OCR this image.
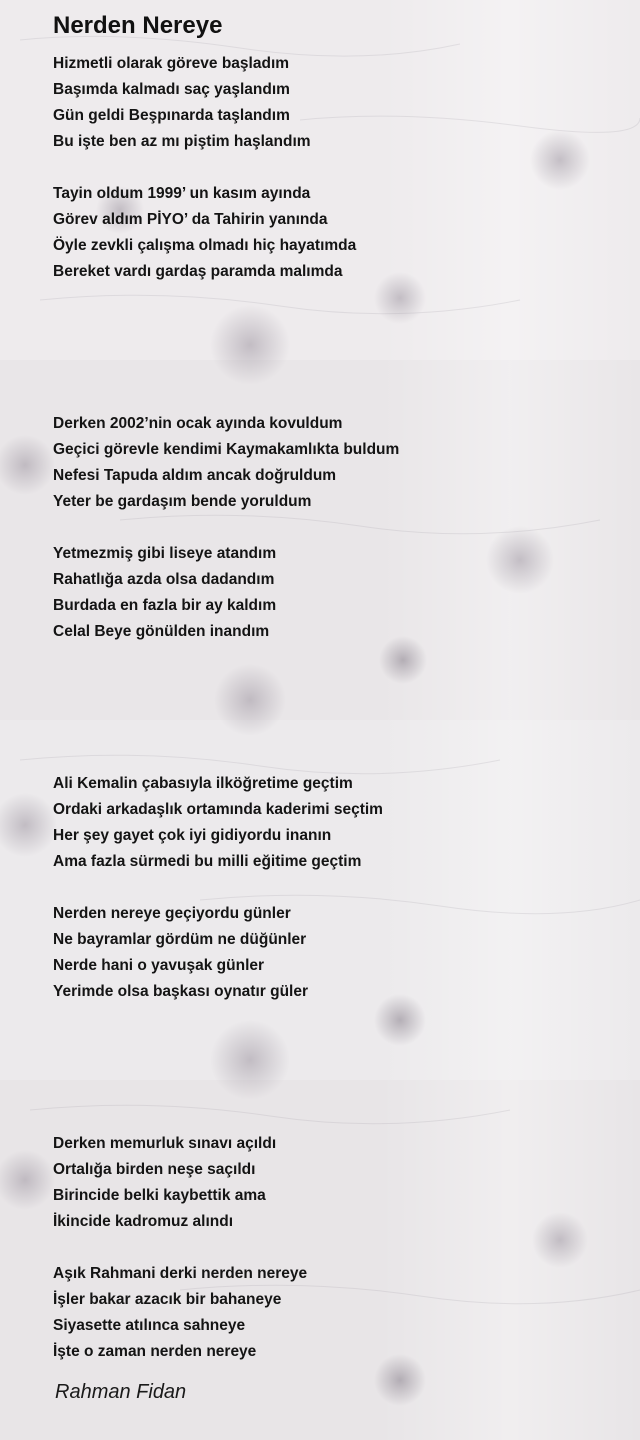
Nerden Nereye
Hizmetli olarak göreve başladım
Başımda kalmadı saç yaşlandım
Gün geldi Beşpınarda taşlandım
Bu işte ben az mı piştim haşlandım
Tayin oldum 1999’ un kasım ayında
Görev aldım PİYO’ da Tahirin yanında
Öyle zevkli çalışma olmadı hiç hayatımda
Bereket vardı gardaş paramda malımda
Derken 2002’nin ocak ayında kovuldum
Geçici görevle kendimi Kaymakamlıkta buldum
Nefesi Tapuda aldım ancak doğruldum
Yeter be gardaşım bende yoruldum
Yetmezmiş gibi liseye atandım
Rahatlığa azda olsa dadandım
Burdada en fazla bir ay kaldım
Celal Beye gönülden inandım
Ali Kemalin çabasıyla ilköğretime geçtim
Ordaki arkadaşlık ortamında kaderimi seçtim
Her şey gayet çok iyi gidiyordu inanın
Ama fazla sürmedi bu milli eğitime geçtim
Nerden nereye geçiyordu günler
Ne bayramlar gördüm ne düğünler
Nerde hani o yavuşak günler
Yerimde olsa başkası oynatır güler
Derken memurluk sınavı açıldı
Ortalığa birden neşe saçıldı
Birincide belki kaybettik ama
İkincide kadromuz alındı
Aşık Rahmani derki nerden nereye
İşler bakar azacık bir bahaneye
Siyasette atılınca sahneye
İşte o zaman nerden nereye

Rahman Fidan
